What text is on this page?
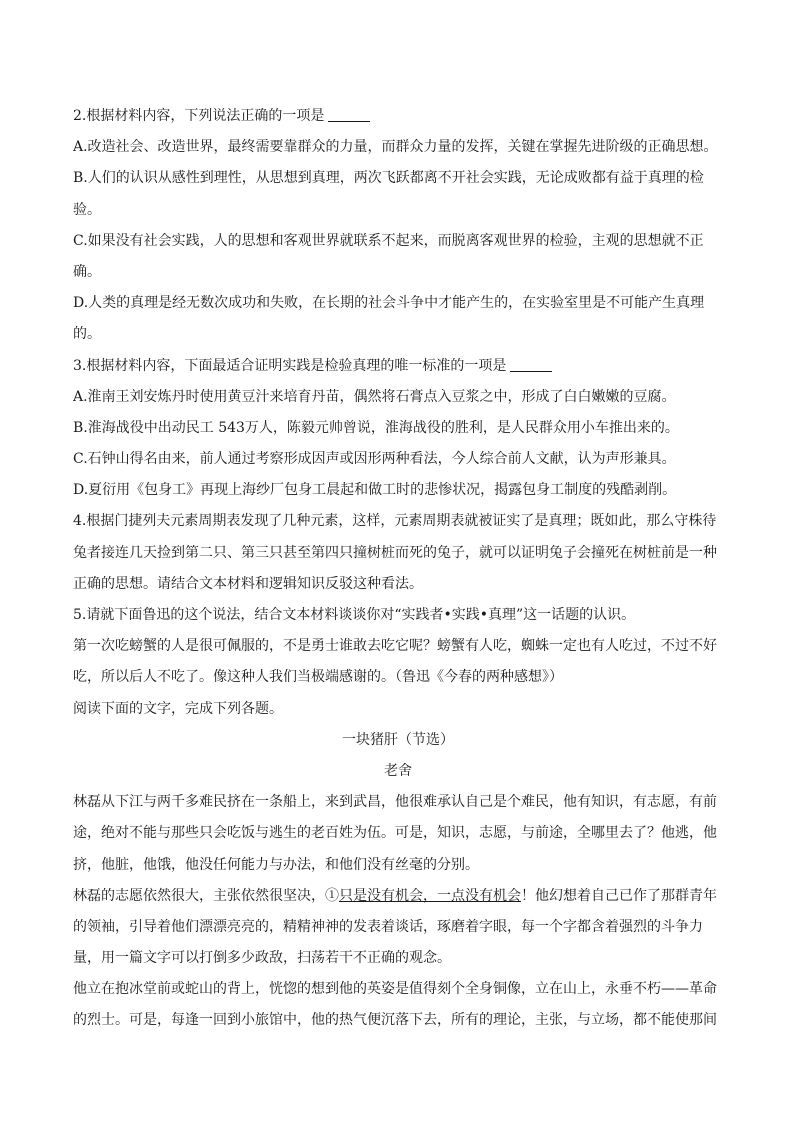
2.根据材料内容，下列说法正确的一项是
A.改造社会、改造世界，最终需要靠群众的力量，而群众力量的发挥，关键在掌握先进阶级的正确思想。
B.人们的认识从感性到理性，从思想到真理，两次飞跃都离不开社会实践，无论成败都有益于真理的检
验。
C.如果没有社会实践，人的思想和客观世界就联系不起来，而脱离客观世界的检验，主观的思想就不正
确。
D.人类的真理是经无数次成功和失败，在长期的社会斗争中才能产生的，在实验室里是不可能产生真理
的。
3.根据材料内容，下面最适合证明实践是检验真理的唯一标准的一项是
A.淮南王刘安炼丹时使用黄豆汁来培育丹苗，偶然将石膏点入豆浆之中，形成了白白嫩嫩的豆腐。
B.淮海战役中出动民工 543万人，陈毅元帅曾说，淮海战役的胜利，是人民群众用小车推出来的。
C.石钟山得名由来，前人通过考察形成因声或因形两种看法，今人综合前人文献，认为声形兼具。
D.夏衍用《包身工》再现上海纱厂包身工晨起和做工时的悲惨状况，揭露包身工制度的残酷剥削。
4.根据门捷列夫元素周期表发现了几种元素，这样，元素周期表就被证实了是真理；既如此，那么守株待
兔者接连几天捡到第二只、第三只甚至第四只撞树桩而死的兔子，就可以证明兔子会撞死在树桩前是一种
正确的思想。请结合文本材料和逻辑知识反驳这种看法。
5.请就下面鲁迅的这个说法，结合文本材料谈谈你对“实践者•实践•真理”这一话题的认识。
第一次吃螃蟹的人是很可佩服的，不是勇士谁敢去吃它呢？螃蟹有人吃，蜘蛛一定也有人吃过，不过不好
吃，所以后人不吃了。像这种人我们当极端感谢的。（鲁迅《今春的两种感想》）
阅读下面的文字，完成下列各题。
一块猪肝（节选）
老舍
林磊从下江与两千多难民挤在一条船上，来到武昌，他很难承认自己是个难民，他有知识，有志愿，有前
途，绝对不能与那些只会吃饭与逃生的老百姓为伍。可是，知识，志愿，与前途，全哪里去了？他逃，他
挤，他脏，他饿，他没任何能力与办法，和他们没有丝毫的分别。
林磊的志愿依然很大，主张依然很坚决，①只是没有机会，一点没有机会！他幻想着自己已作了那群青年
的领袖，引导着他们漂漂亮亮的，精精神神的发表着谈话，琢磨着字眼，每一个字都含着强烈的斗争力
量，用一篇文字可以打倒多少政敌，扫荡若干不正确的观念。
他立在抱冰堂前或蛇山的背上，恍惚的想到他的英姿是值得刻个全身铜像，立在山上，永垂不朽——革命
的烈士。可是，每逢一回到小旅馆中，他的热气便沉落下去，所有的理论，主张，与立场，都不能使那间
